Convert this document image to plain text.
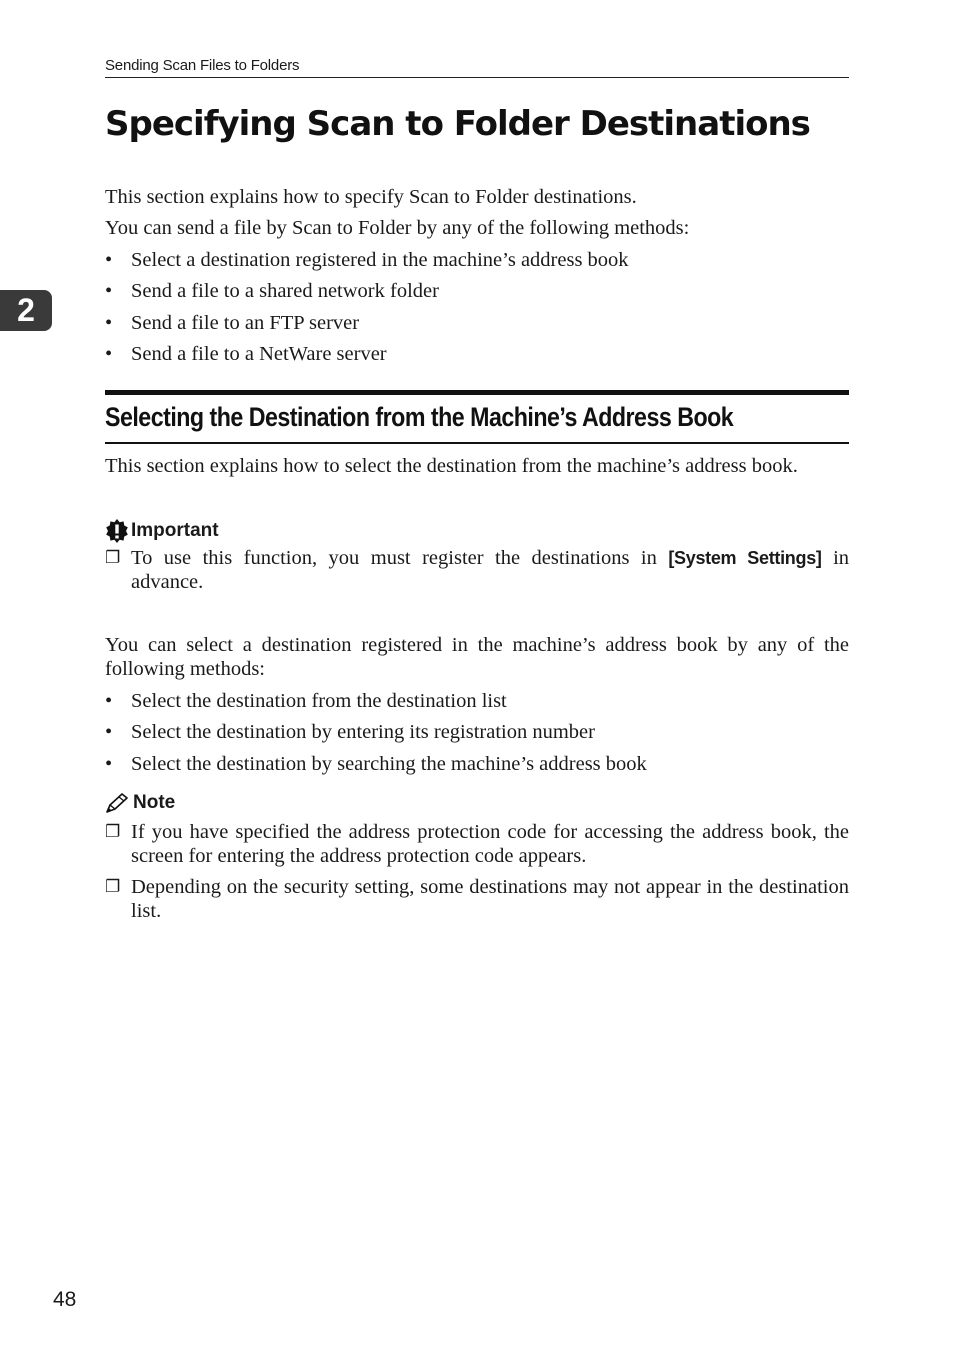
Sending Scan Files to Folders
2
Specifying Scan to Folder Destinations

This section explains how to specify Scan to Folder destinations.

You can send a file by Scan to Folder by any of the following methods:

• Select a destination registered in the machine’s address book
• Send a file to a shared network folder
• Send a file to an FTP server
• Send a file to a NetWare server
Selecting the Destination from the Machine’s Address Book

This section explains how to select the destination from the machine’s address book.

Important
❐ To use this function, you must register the destinations in [System Settings] in advance.

You can select a destination registered in the machine’s address book by any of the following methods:

• Select the destination from the destination list
• Select the destination by entering its registration number
• Select the destination by searching the machine’s address book
Note
❐ If you have specified the address protection code for accessing the address book, the screen for entering the address protection code appears.
❐ Depending on the security setting, some destinations may not appear in the destination list.
48
